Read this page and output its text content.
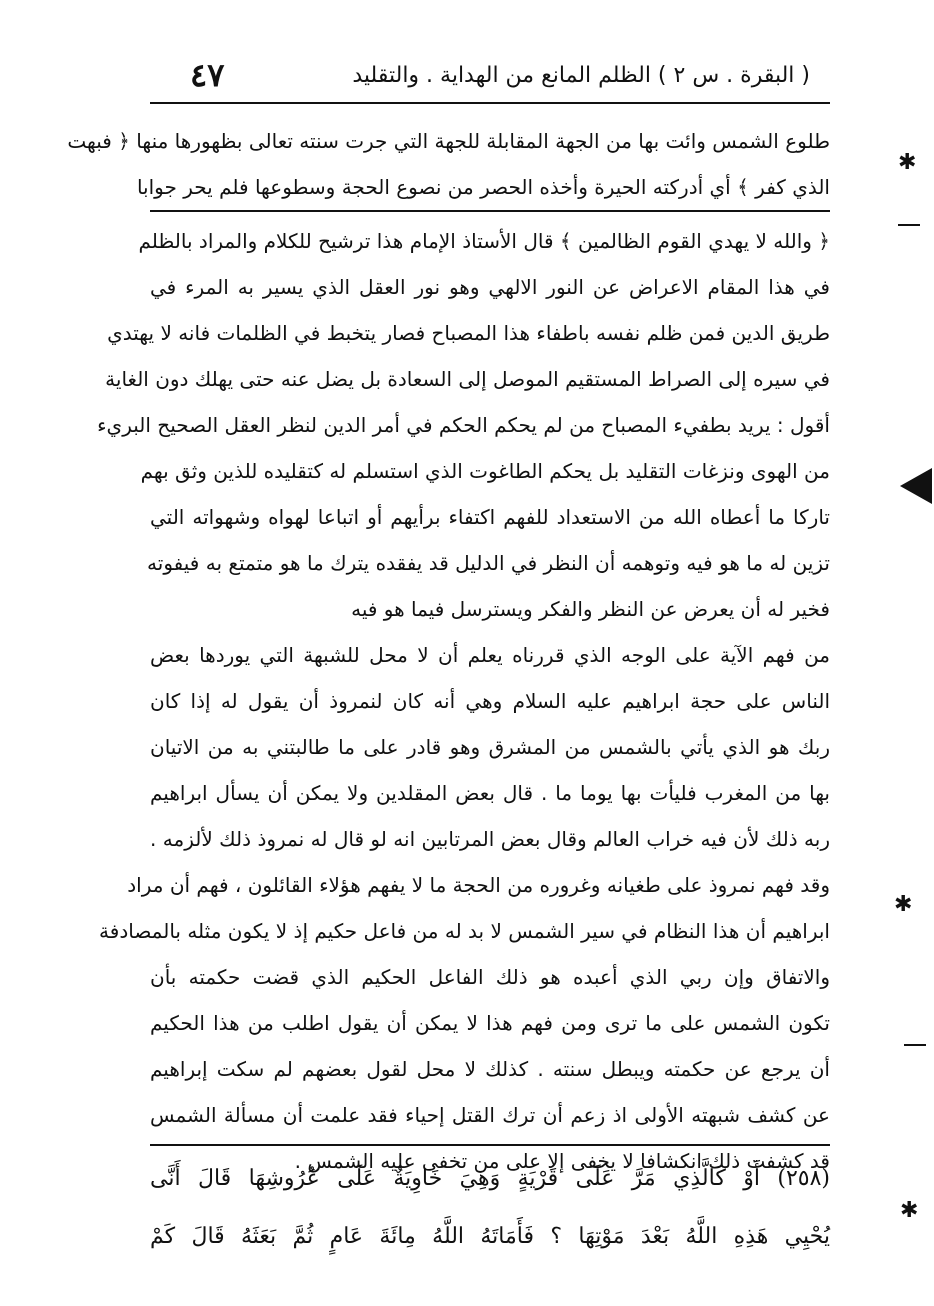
٤٧	( البقرة . س ٢ ) الظلم المانع من الهداية . والتقليد
طلوع الشمس وائت بها من الجهة المقابلة للجهة التي جرت سنته تعالى بظهورها منها ﴿ فبهت
الذي كفر ﴾ أي أدركته الحيرة وأخذه الحصر من نصوع الحجة وسطوعها فلم يحر جوابا
﴿ والله لا يهدي القوم الظالمين ﴾ قال الأستاذ الإمام هذا ترشيح للكلام والمراد بالظلم
في هذا المقام الاعراض عن النور الالهي وهو نور العقل الذي يسير به المرء في
طريق الدين فمن ظلم نفسه باطفاء هذا المصباح فصار يتخبط في الظلمات فانه لا يهتدي
في سيره إلى الصراط المستقيم الموصل إلى السعادة بل يضل عنه حتى يهلك دون الغاية
أقول : يريد بطفيء المصباح من لم يحكم الحكم في أمر الدين لنظر العقل الصحيح البريء
من الهوى ونزغات التقليد بل يحكم الطاغوت الذي استسلم له كتقليده للذين وثق بهم
تاركا ما أعطاه الله من الاستعداد للفهم اكتفاء برأيهم أو اتباعا لهواه وشهواته التي
تزين له ما هو فيه وتوهمه أن النظر في الدليل قد يفقده يترك ما هو متمتع به فيفوته
فخير له أن يعرض عن النظر والفكر ويسترسل فيما هو فيه
من فهم الآية على الوجه الذي قررناه يعلم أن لا محل للشبهة التي يوردها بعض
الناس على حجة ابراهيم عليه السلام وهي أنه كان لنمروذ أن يقول له إذا كان
ربك هو الذي يأتي بالشمس من المشرق وهو قادر على ما طالبتني به من الاتيان
بها من المغرب فليأت بها يوما ما . قال بعض المقلدين ولا يمكن أن يسأل ابراهيم
ربه ذلك لأن فيه خراب العالم وقال بعض المرتابين انه لو قال له نمروذ ذلك لألزمه .
وقد فهم نمروذ على طغيانه وغروره من الحجة ما لا يفهم هؤلاء القائلون ، فهم أن مراد
ابراهيم أن هذا النظام في سير الشمس لا بد له من فاعل حكيم إذ لا يكون مثله بالمصادفة
والاتفاق وإن ربي الذي أعبده هو ذلك الفاعل الحكيم الذي قضت حكمته بأن
تكون الشمس على ما ترى ومن فهم هذا لا يمكن أن يقول اطلب من هذا الحكيم
أن يرجع عن حكمته ويبطل سنته . كذلك لا محل لقول بعضهم لم سكت إبراهيم
عن كشف شبهته الأولى اذ زعم أن ترك القتل إحياء فقد علمت أن مسألة الشمس
قد كشفت ذلك انكشافا لا يخفى إلا على من تخفى عليه الشمس .
(٢٥٨) أَوْ كَالَّذِي مَرَّ عَلَى قَرْيَةٍ وَهِيَ خَاوِيَةٌ عَلَى عُرُوشِهَا قَالَ أَنَّى
يُحْيِي هَذِهِ اللَّهُ بَعْدَ مَوْتِهَا ؟ فَأَمَاتَهُ اللَّهُ مِائَةَ عَامٍ ثُمَّ بَعَثَهُ قَالَ كَمْ
✱
✱
✱
